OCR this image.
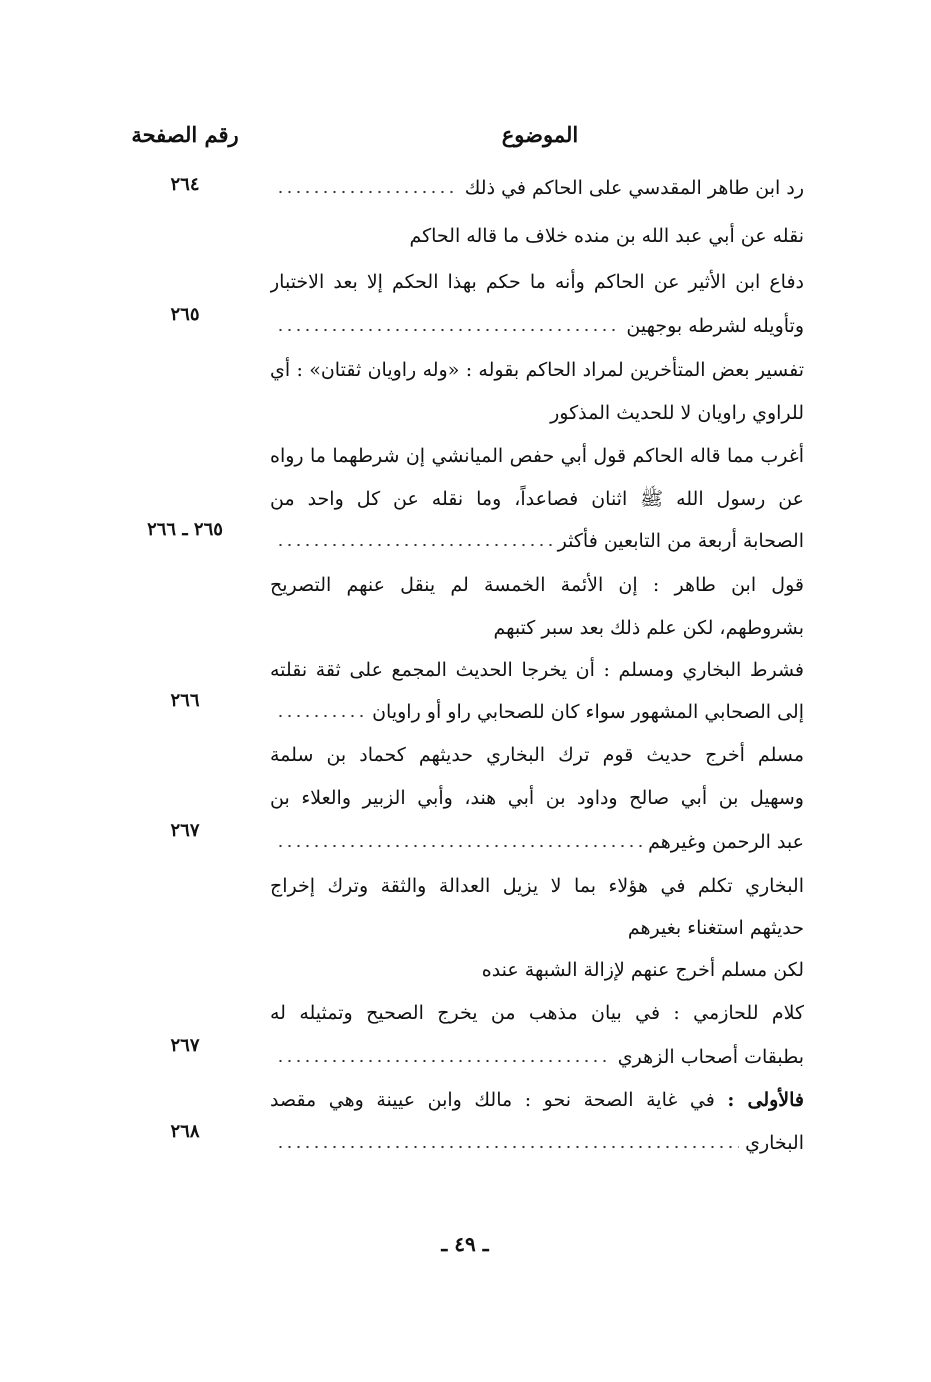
الموضوع
رقم الصفحة
رد ابن طاهر المقدسي على الحاكم في ذلك
٢٦٤
نقله عن أبي عبد الله بن منده خلاف ما قاله الحاكم
دفاع ابن الأثير عن الحاكم وأنه ما حكم بهذا الحكم إلا بعد الاختبار
وتأويله لشرطه بوجهين
٢٦٥
تفسير بعض المتأخرين لمراد الحاكم بقوله : «وله راويان ثقتان» : أي
للراوي راويان لا للحديث المذكور
أغرب مما قاله الحاكم قول أبي حفص الميانشي إن شرطهما ما رواه
عن رسول الله ﷺ اثنان فصاعداً، وما نقله عن كل واحد من
الصحابة أربعة من التابعين فأكثر
٢٦٥ ـ ٢٦٦
قول ابن طاهر : إن الأئمة الخمسة لم ينقل عنهم التصريح
بشروطهم، لكن علم ذلك بعد سبر كتبهم
فشرط البخاري ومسلم : أن يخرجا الحديث المجمع على ثقة نقلته
إلى الصحابي المشهور سواء كان للصحابي راو أو راويان
٢٦٦
مسلم أخرج حديث قوم ترك البخاري حديثهم كحماد بن سلمة
وسهيل بن أبي صالح وداود بن أبي هند، وأبي الزبير والعلاء بن
عبد الرحمن وغيرهم
٢٦٧
البخاري تكلم في هؤلاء بما لا يزيل العدالة والثقة وترك إخراج
حديثهم استغناء بغيرهم
لكن مسلم أخرج عنهم لإزالة الشبهة عنده
كلام للحازمي : في بيان مذهب من يخرج الصحيح وتمثيله له
بطبقات أصحاب الزهري
٢٦٧
فالأولى : في غاية الصحة نحو : مالك وابن عيينة وهي مقصد
البخاري
٢٦٨
ـ ٤٩ ـ
